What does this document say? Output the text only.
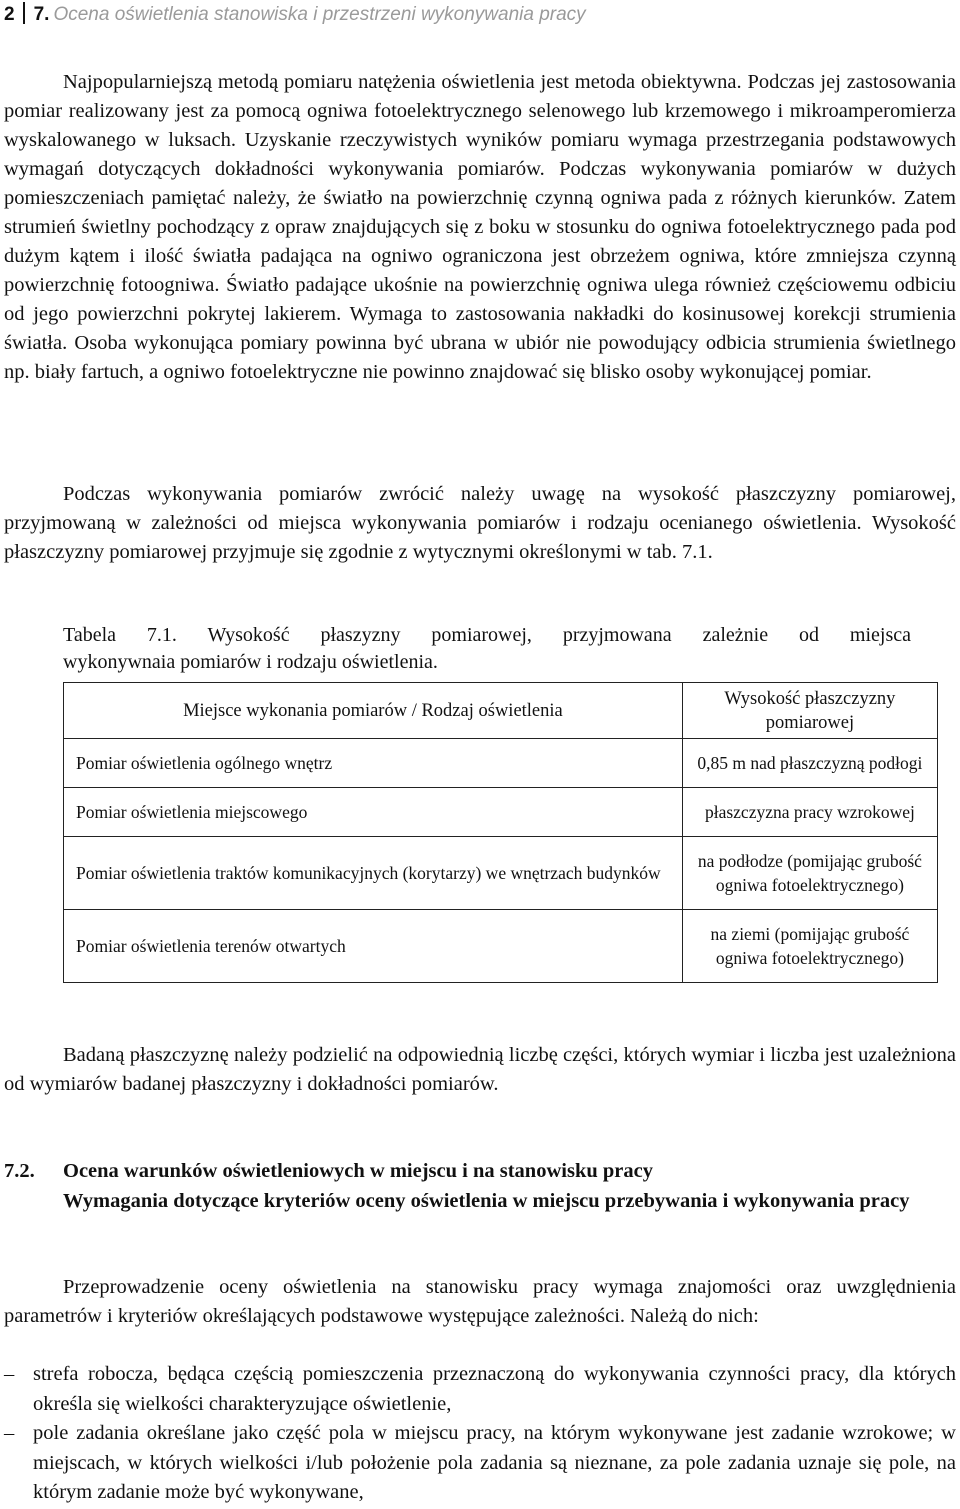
2 7. Ocena oświetlenia stanowiska i przestrzeni wykonywania pracy

Najpopularniejszą metodą pomiaru natężenia oświetlenia jest metoda obiektywna. Podczas jej zastosowania pomiar realizowany jest za pomocą ogniwa fotoelektrycznego selenowego lub krzemowego i mikroamperomierza wyskalowanego w luksach. Uzyskanie rzeczywistych wyników pomiaru wymaga przestrzegania podstawowych wymagań dotyczących dokładności wykonywania pomiarów. Podczas wykonywania pomiarów w dużych pomieszczeniach pamiętać należy, że światło na powierzchnię czynną ogniwa pada z różnych kierunków. Zatem strumień świetlny pochodzący z opraw znajdujących się z boku w stosunku do ogniwa fotoelektrycznego pada pod dużym kątem i ilość światła padająca na ogniwo ograniczona jest obrzeżem ogniwa, które zmniejsza czynną powierzchnię fotoogniwa. Światło padające ukośnie na powierzchnię ogniwa ulega również częściowemu odbiciu od jego powierzchni pokrytej lakierem. Wymaga to zastosowania nakładki do kosinusowej korekcji strumienia światła. Osoba wykonująca pomiary powinna być ubrana w ubiór nie powodujący odbicia strumienia świetlnego np. biały fartuch, a ogniwo fotoelektryczne nie powinno znajdować się blisko osoby wykonującej pomiar.

Podczas wykonywania pomiarów zwrócić należy uwagę na wysokość płaszczyzny pomiarowej, przyjmowaną w zależności od miejsca wykonywania pomiarów i rodzaju ocenianego oświetlenia. Wysokość płaszczyzny pomiarowej przyjmuje się zgodnie z wytycznymi określonymi w tab. 7.1.

Tabela 7.1. Wysokość płaszyzny pomiarowej, przyjmowana zależnie od miejsca
wykonywnaia pomiarów i rodzaju oświetlenia.
Miejsce wykonania pomiarów / Rodzaj oświetlenia	Wysokość płaszczyzny pomiarowej
Pomiar oświetlenia ogólnego wnętrz	0,85 m nad płaszczyzną podłogi
Pomiar oświetlenia miejscowego	płaszczyzna pracy wzrokowej
Pomiar oświetlenia traktów komunikacyjnych (korytarzy) we wnętrzach budynków	na podłodze (pomijając grubość ogniwa fotoelektrycznego)
Pomiar oświetlenia terenów otwartych	na ziemi (pomijając grubość ogniwa fotoelektrycznego)

Badaną płaszczyznę należy podzielić na odpowiednią liczbę części, których wymiar i liczba jest uzależniona od wymiarów badanej płaszczyzny i dokładności pomiarów.

7.2. Ocena warunków oświetleniowych w miejscu i na stanowisku pracy
Wymagania dotyczące kryteriów oceny oświetlenia w miejscu przebywania i wykonywania pracy

Przeprowadzenie oceny oświetlenia na stanowisku pracy wymaga znajomości oraz uwzględnienia parametrów i kryteriów określających podstawowe występujące zależności. Należą do nich:

– strefa robocza, będąca częścią pomieszczenia przeznaczoną do wykonywania czynności pracy, dla których określa się wielkości charakteryzujące oświetlenie,
– pole zadania określane jako część pola w miejscu pracy, na którym wykonywane jest zadanie wzrokowe; w miejscach, w których wielkości i/lub położenie pola zadania są nieznane, za pole zadania uznaje się pole, na którym zadanie może być wykonywane,
